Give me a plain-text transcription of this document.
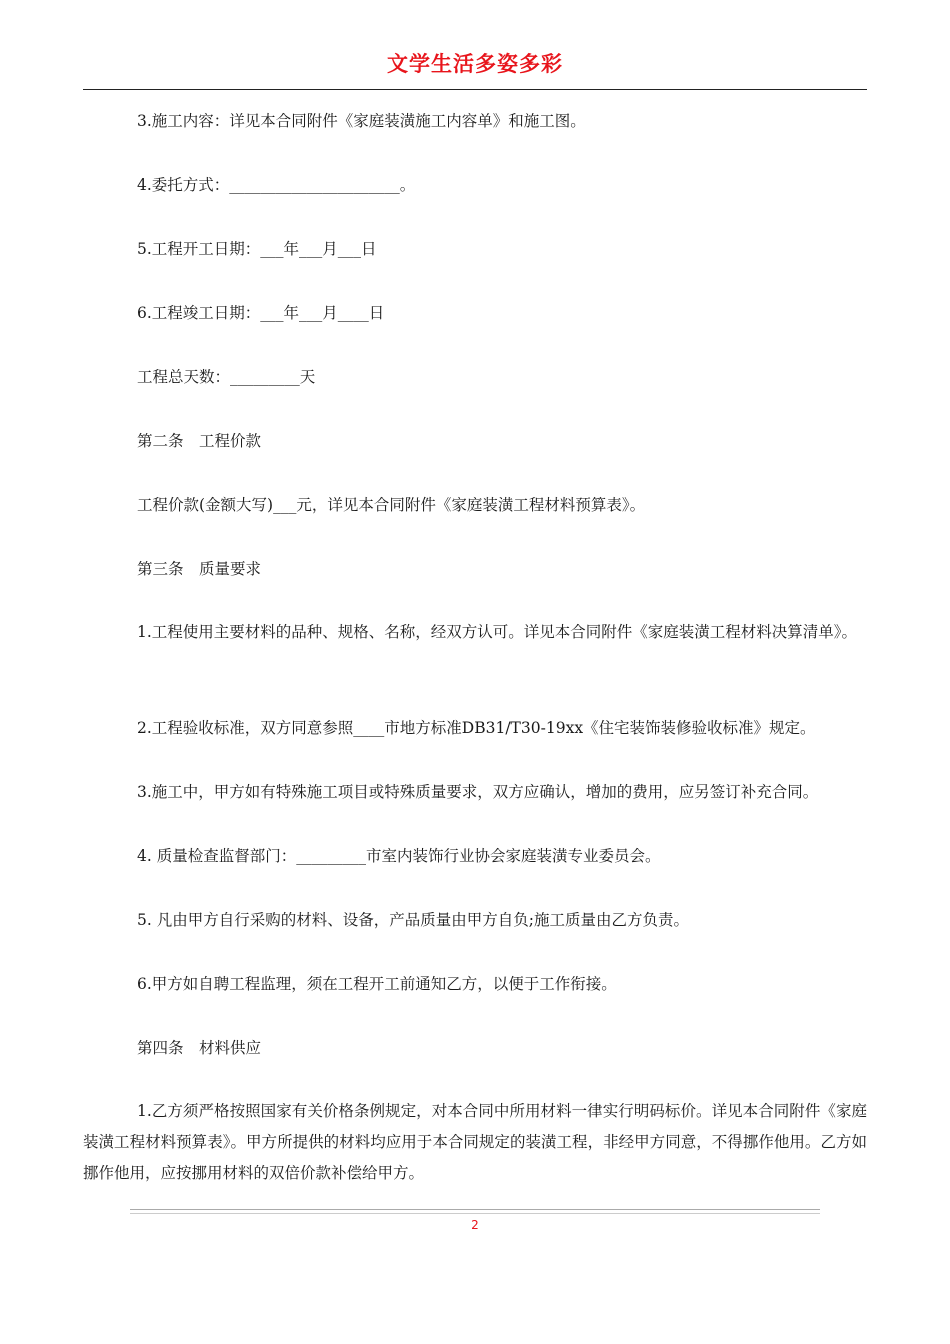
文学生活多姿多彩
3.施工内容：详见本合同附件《家庭装潢施工内容单》和施工图。
4.委托方式：______________________。
5.工程开工日期：___年___月___日
6.工程竣工日期：___年___月____日
工程总天数：_________天
第二条　工程价款
工程价款(金额大写)___元，详见本合同附件《家庭装潢工程材料预算表》。
第三条　质量要求
1.工程使用主要材料的品种、规格、名称，经双方认可。详见本合同附件《家庭装潢工程材料决算清单》。
2.工程验收标准，双方同意参照____市地方标准DB31/T30-19xx《住宅装饰装修验收标准》规定。
3.施工中，甲方如有特殊施工项目或特殊质量要求，双方应确认，增加的费用，应另签订补充合同。
4. 质量检查监督部门：_________市室内装饰行业协会家庭装潢专业委员会。
5. 凡由甲方自行采购的材料、设备，产品质量由甲方自负;施工质量由乙方负责。
6.甲方如自聘工程监理，须在工程开工前通知乙方，以便于工作衔接。
第四条　材料供应
1.乙方须严格按照国家有关价格条例规定，对本合同中所用材料一律实行明码标价。详见本合同附件《家庭装潢工程材料预算表》。甲方所提供的材料均应用于本合同规定的装潢工程，非经甲方同意，不得挪作他用。乙方如挪作他用，应按挪用材料的双倍价款补偿给甲方。
2
